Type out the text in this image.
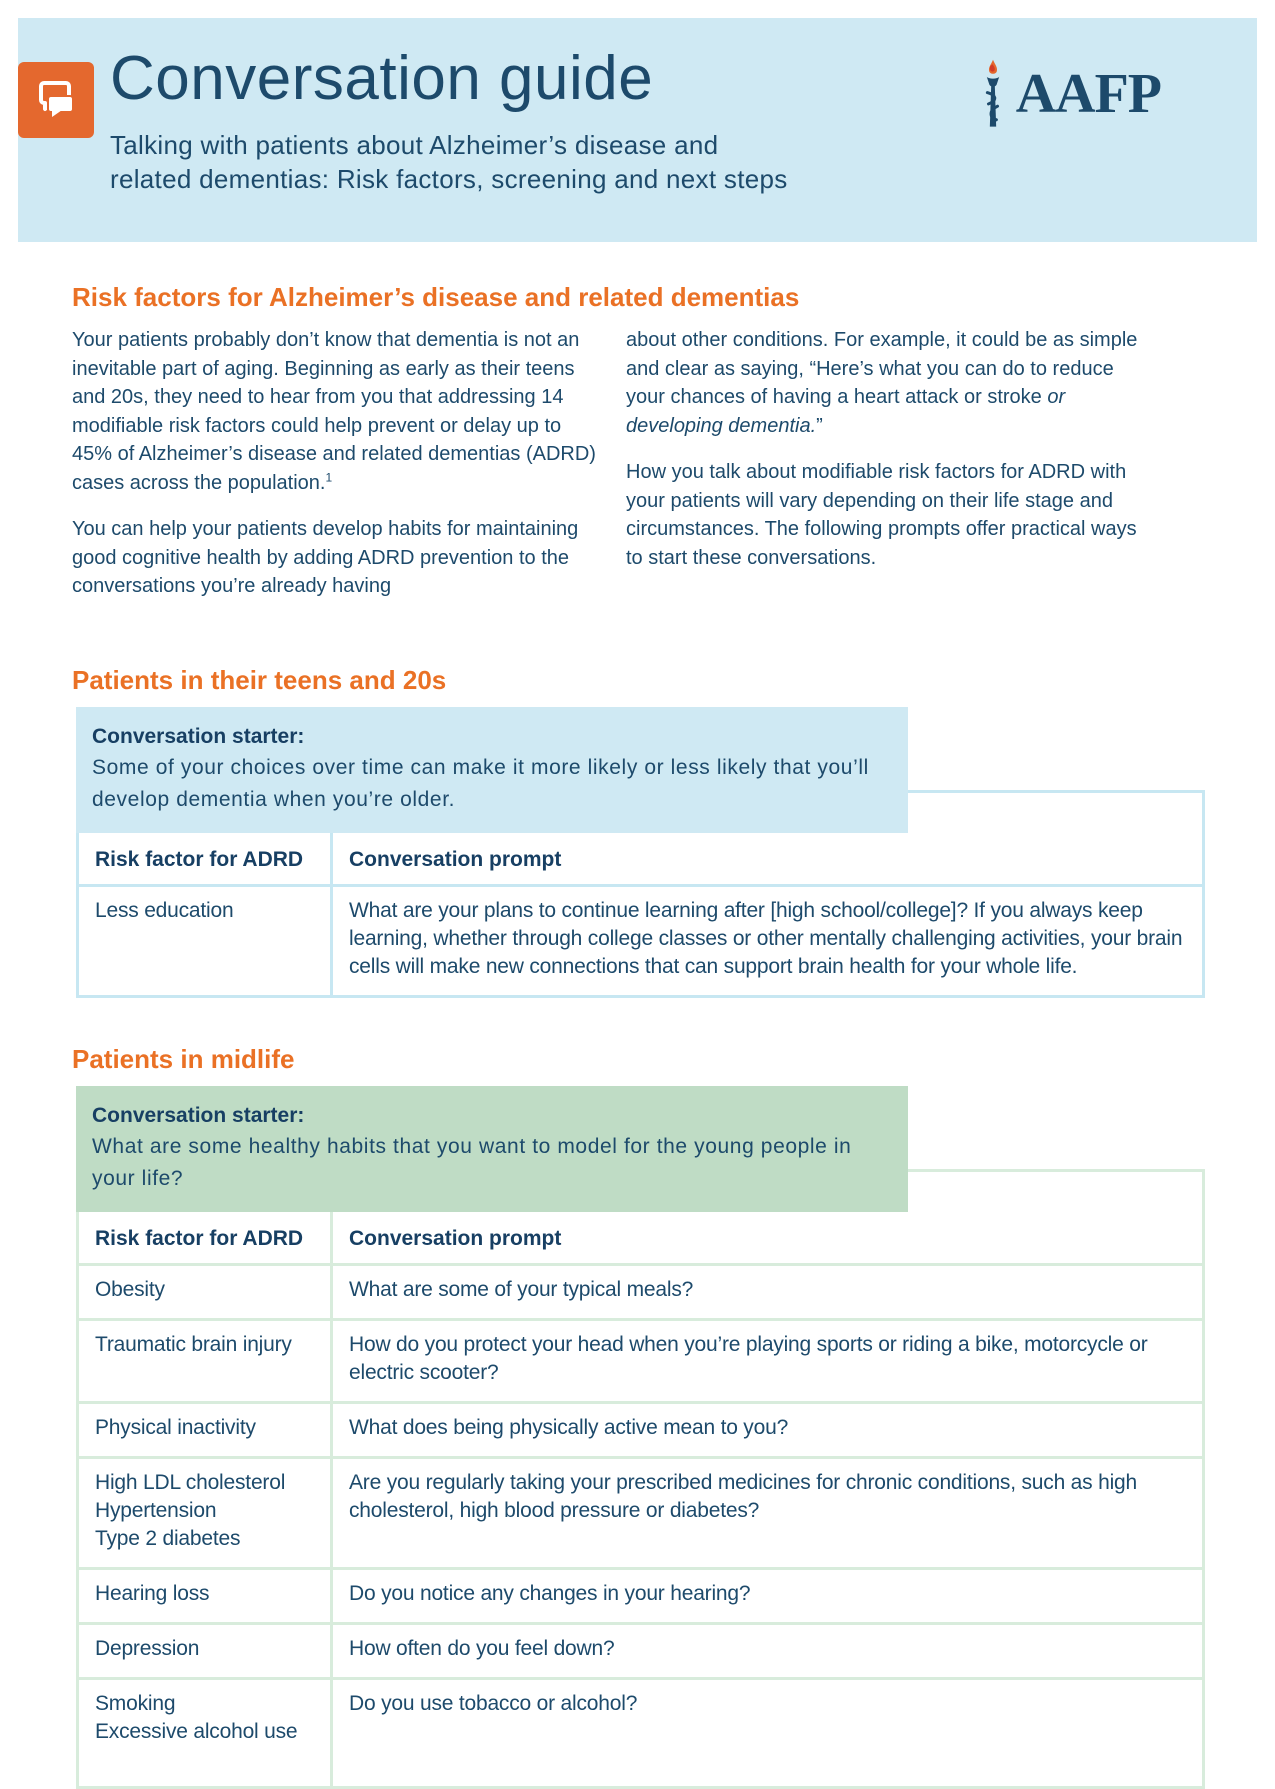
Conversation guide
Talking with patients about Alzheimer’s disease and
related dementias: Risk factors, screening and next steps
AAFP
Risk factors for Alzheimer’s disease and related dementias

Your patients probably don’t know that dementia is not an inevitable part of aging. Beginning as early as their teens and 20s, they need to hear from you that addressing 14 modifiable risk factors could help prevent or delay up to 45% of Alzheimer’s disease and related dementias (ADRD) cases across the population.$^1$

You can help your patients develop habits for maintaining good cognitive health by adding ADRD prevention to the conversations you’re already having

about other conditions. For example, it could be as simple and clear as saying, “Here’s what you can do to reduce your chances of having a heart attack or stroke or developing dementia.”

How you talk about modifiable risk factors for ADRD with your patients will vary depending on their life stage and circumstances. The following prompts offer practical ways to start these conversations.

Patients in their teens and 20s
Conversation starter:
Some of your choices over time can make it more likely or less likely that you’ll develop dementia when you’re older.
Risk factor for ADRD	Conversation prompt

Less education	What are your plans to continue learning after [high school/college]? If you always keep learning, whether through college classes or other mentally challenging activities, your brain cells will make new connections that can support brain health for your whole life.
Patients in midlife
Conversation starter:
What are some healthy habits that you want to model for the young people in your life?
Risk factor for ADRD	Conversation prompt

Obesity	What are some of your typical meals?

Traumatic brain injury	How do you protect your head when you’re playing sports or riding a bike, motorcycle or electric scooter?

Physical inactivity	What does being physically active mean to you?

High LDL cholesterol
Hypertension
Type 2 diabetes	Are you regularly taking your prescribed medicines for chronic conditions, such as high cholesterol, high blood pressure or diabetes?

Hearing loss	Do you notice any changes in your hearing?

Depression	How often do you feel down?

Smoking
Excessive alcohol use	Do you use tobacco or alcohol?
